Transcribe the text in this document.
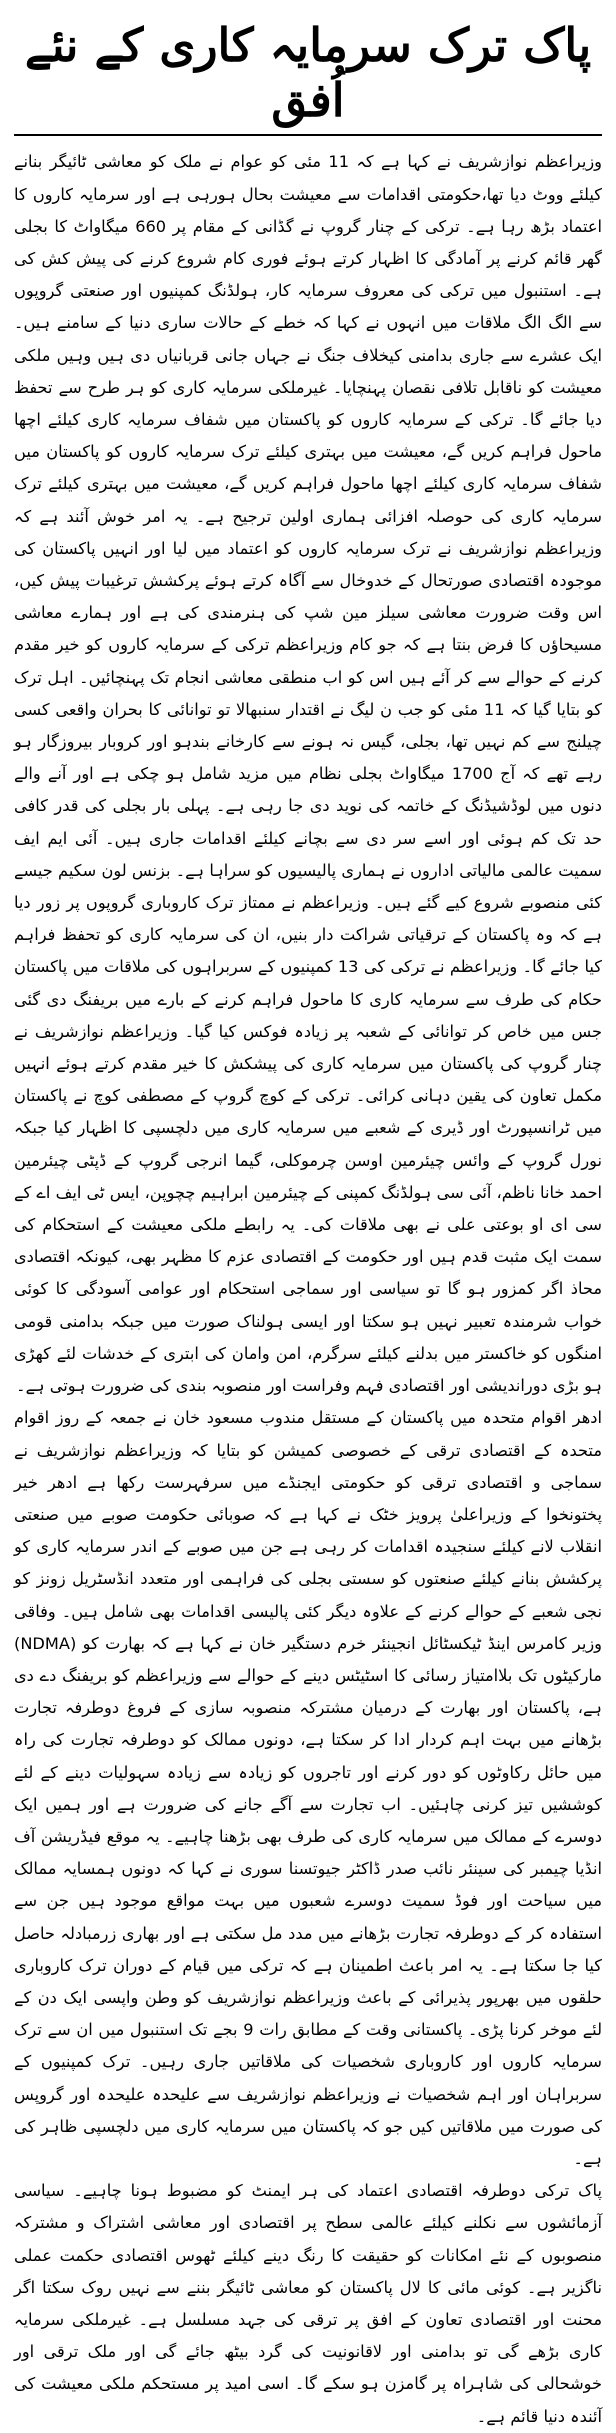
پاک ترک سرمایہ کاری کے نئے اُفق

وزیراعظم نوازشریف نے کہا ہے کہ 11 مئی کو عوام نے ملک کو معاشی ٹائیگر بنانے کیلئے ووٹ دیا تھا،حکومتی اقدامات سے معیشت بحال ہورہی ہے اور سرمایہ کاروں کا اعتماد بڑھ رہا ہے۔ ترکی کے چنار گروپ نے گڈانی کے مقام پر 660 میگاواٹ کا بجلی گھر قائم کرنے پر آمادگی کا اظہار کرتے ہوئے فوری کام شروع کرنے کی پیش کش کی ہے۔ استنبول میں ترکی کی معروف سرمایہ کار، ہولڈنگ کمپنیوں اور صنعتی گروپوں سے الگ الگ ملاقات میں انہوں نے کہا کہ خطے کے حالات ساری دنیا کے سامنے ہیں۔ ایک عشرے سے جاری بدامنی کیخلاف جنگ نے جہاں جانی قربانیاں دی ہیں وہیں ملکی معیشت کو ناقابل تلافی نقصان پہنچایا۔ غیرملکی سرمایہ کاری کو ہر طرح سے تحفظ دیا جائے گا۔ ترکی کے سرمایہ کاروں کو پاکستان میں شفاف سرمایہ کاری کیلئے اچھا ماحول فراہم کریں گے، معیشت میں بہتری کیلئے ترک سرمایہ کاروں کو پاکستان میں شفاف سرمایہ کاری کیلئے اچھا ماحول فراہم کریں گے، معیشت میں بہتری کیلئے ترک سرمایہ کاری کی حوصلہ افزائی ہماری اولین ترجیح ہے۔ یہ امر خوش آئند ہے کہ وزیراعظم نوازشریف نے ترک سرمایہ کاروں کو اعتماد میں لیا اور انہیں پاکستان کی موجودہ اقتصادی صورتحال کے خدوخال سے آگاہ کرتے ہوئے پرکشش ترغیبات پیش کیں، اس وقت ضرورت معاشی سیلز مین شپ کی ہنرمندی کی ہے اور ہمارے معاشی مسیحاؤں کا فرض بنتا ہے کہ جو کام وزیراعظم ترکی کے سرمایہ کاروں کو خیر مقدم کرنے کے حوالے سے کر آئے ہیں اس کو اب منطقی معاشی انجام تک پہنچائیں۔ اہل ترک کو بتایا گیا کہ 11 مئی کو جب ن لیگ نے اقتدار سنبھالا تو توانائی کا بحران واقعی کسی چیلنج سے کم نہیں تھا، بجلی، گیس نہ ہونے سے کارخانے بندہو اور کروبار بیروزگار ہو رہے تھے کہ آج 1700 میگاواٹ بجلی نظام میں مزید شامل ہو چکی ہے اور آنے والے دنوں میں لوڈشیڈنگ کے خاتمہ کی نوید دی جا رہی ہے۔ پہلی بار بجلی کی قدر کافی حد تک کم ہوئی اور اسے سر دی سے بچانے کیلئے اقدامات جاری ہیں۔ آئی ایم ایف سمیت عالمی مالیاتی اداروں نے ہماری پالیسیوں کو سراہا ہے۔ بزنس لون سکیم جیسے کئی منصوبے شروع کیے گئے ہیں۔ وزیراعظم نے ممتاز ترک کاروباری گروپوں پر زور دیا ہے کہ وہ پاکستان کے ترقیاتی شراکت دار بنیں، ان کی سرمایہ کاری کو تحفظ فراہم کیا جائے گا۔ وزیراعظم نے ترکی کی 13 کمپنیوں کے سربراہوں کی ملاقات میں پاکستان حکام کی طرف سے سرمایہ کاری کا ماحول فراہم کرنے کے بارے میں بریفنگ دی گئی جس میں خاص کر توانائی کے شعبہ پر زیادہ فوکس کیا گیا۔ وزیراعظم نوازشریف نے چنار گروپ کی پاکستان میں سرمایہ کاری کی پیشکش کا خیر مقدم کرتے ہوئے انہیں مکمل تعاون کی یقین دہانی کرائی۔ ترکی کے کوچ گروپ کے مصطفی کوچ نے پاکستان میں ٹرانسپورٹ اور ڈیری کے شعبے میں سرمایہ کاری میں دلچسپی کا اظہار کیا جبکہ نورل گروپ کے وائس چیئرمین اوسن چرموکلی، گیما انرجی گروپ کے ڈپٹی چیئرمین احمد خانا ناظم، آئی سی ہولڈنگ کمپنی کے چیئرمین ابراہیم چچوپن، ایس ٹی ایف اے کے سی ای او بوعتی علی نے بھی ملاقات کی۔ یہ رابطے ملکی معیشت کے استحکام کی سمت ایک مثبت قدم ہیں اور حکومت کے اقتصادی عزم کا مظہر بھی، کیونکہ اقتصادی محاذ اگر کمزور ہو گا تو سیاسی اور سماجی استحکام اور عوامی آسودگی کا کوئی خواب شرمندہ تعبیر نہیں ہو سکتا اور ایسی ہولناک صورت میں جبکہ بدامنی قومی امنگوں کو خاکستر میں بدلنے کیلئے سرگرم، امن وامان کی ابتری کے خدشات لئے کھڑی ہو بڑی دوراندیشی اور اقتصادی فہم وفراست اور منصوبہ بندی کی ضرورت ہوتی ہے۔

ادھر اقوام متحدہ میں پاکستان کے مستقل مندوب مسعود خان نے جمعہ کے روز اقوام متحدہ کے اقتصادی ترقی کے خصوصی کمیشن کو بتایا کہ وزیراعظم نوازشریف نے سماجی و اقتصادی ترقی کو حکومتی ایجنڈے میں سرفہرست رکھا ہے ادھر خیر پختونخوا کے وزیراعلیٰ پرویز خٹک نے کہا ہے کہ صوبائی حکومت صوبے میں صنعتی انقلاب لانے کیلئے سنجیدہ اقدامات کر رہی ہے جن میں صوبے کے اندر سرمایہ کاری کو پرکشش بنانے کیلئے صنعتوں کو سستی بجلی کی فراہمی اور متعدد انڈسٹریل زونز کو نجی شعبے کے حوالے کرنے کے علاوہ دیگر کئی پالیسی اقدامات بھی شامل ہیں۔ وفاقی وزیر کامرس اینڈ ٹیکسٹائل انجینئر خرم دستگیر خان نے کہا ہے کہ بھارت کو (NDMA) مارکیٹوں تک بلاامتیاز رسائی کا اسٹیٹس دینے کے حوالے سے وزیراعظم کو بریفنگ دے دی ہے، پاکستان اور بھارت کے درمیان مشترکہ منصوبہ سازی کے فروغ دوطرفہ تجارت بڑھانے میں بہت اہم کردار ادا کر سکتا ہے، دونوں ممالک کو دوطرفہ تجارت کی راہ میں حائل رکاوٹوں کو دور کرنے اور تاجروں کو زیادہ سے زیادہ سہولیات دینے کے لئے کوششیں تیز کرنی چاہئیں۔ اب تجارت سے آگے جانے کی ضرورت ہے اور ہمیں ایک دوسرے کے ممالک میں سرمایہ کاری کی طرف بھی بڑھنا چاہیے۔ یہ موقع فیڈریشن آف انڈیا چیمبر کی سینئر نائب صدر ڈاکٹر جیوتسنا سوری نے کہا کہ دونوں ہمسایہ ممالک میں سیاحت اور فوڈ سمیت دوسرے شعبوں میں بہت مواقع موجود ہیں جن سے استفادہ کر کے دوطرفہ تجارت بڑھانے میں مدد مل سکتی ہے اور بھاری زرمبادلہ حاصل کیا جا سکتا ہے۔ یہ امر باعث اطمینان ہے کہ ترکی میں قیام کے دوران ترک کاروباری حلقوں میں بھرپور پذیرائی کے باعث وزیراعظم نوازشریف کو وطن واپسی ایک دن کے لئے موخر کرنا پڑی۔ پاکستانی وقت کے مطابق رات 9 بجے تک استنبول میں ان سے ترک سرمایہ کاروں اور کاروباری شخصیات کی ملاقاتیں جاری رہیں۔ ترک کمپنیوں کے سربراہان اور اہم شخصیات نے وزیراعظم نوازشریف سے علیحدہ علیحدہ اور گروپس کی صورت میں ملاقاتیں کیں جو کہ پاکستان میں سرمایہ کاری میں دلچسپی ظاہر کی ہے۔

پاک ترکی دوطرفہ اقتصادی اعتماد کی ہر ایمنٹ کو مضبوط ہونا چاہیے۔ سیاسی آزمائشوں سے نکلنے کیلئے عالمی سطح پر اقتصادی اور معاشی اشتراک و مشترکہ منصوبوں کے نئے امکانات کو حقیقت کا رنگ دینے کیلئے ٹھوس اقتصادی حکمت عملی ناگزیر ہے۔ کوئی مائی کا لال پاکستان کو معاشی ٹائیگر بننے سے نہیں روک سکتا اگر محنت اور اقتصادی تعاون کے افق پر ترقی کی جہد مسلسل ہے۔ غیرملکی سرمایہ کاری بڑھے گی تو بدامنی اور لاقانونیت کی گرد بیٹھ جائے گی اور ملک ترقی اور خوشحالی کی شاہراہ پر گامزن ہو سکے گا۔ اسی امید پر مستحکم ملکی معیشت کی آئندہ دنیا قائم ہے۔
